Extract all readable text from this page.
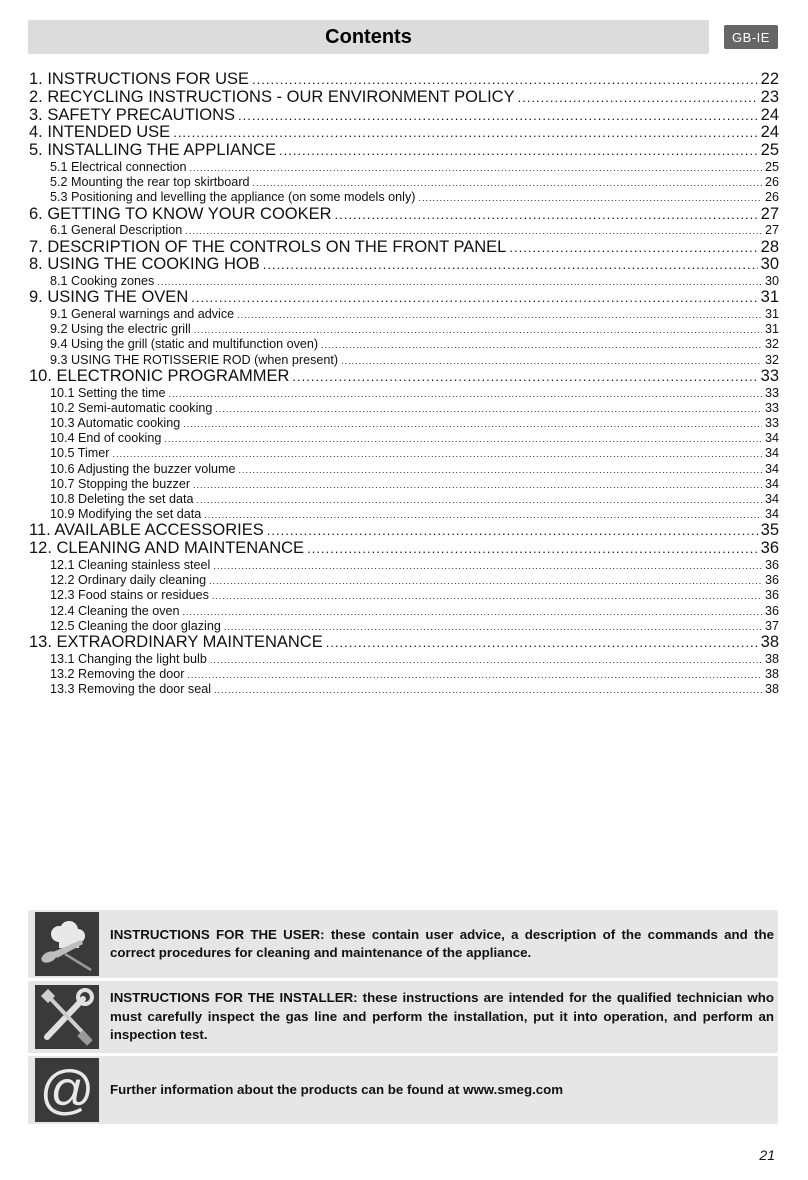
Contents	GB-IE
1. INSTRUCTIONS FOR USE .....	22
2. RECYCLING INSTRUCTIONS - OUR ENVIRONMENT POLICY .....	23
3. SAFETY PRECAUTIONS .....	24
4. INTENDED USE .....	24
5. INSTALLING THE APPLIANCE .....	25
5.1 Electrical connection .....	25
5.2 Mounting the rear top skirtboard .....	26
5.3 Positioning and levelling the appliance (on some models only) .....	26
6. GETTING TO KNOW YOUR COOKER .....	27
6.1 General Description .....	27
7. DESCRIPTION OF THE CONTROLS ON THE FRONT PANEL .....	28
8. USING THE COOKING HOB .....	30
8.1 Cooking zones .....	30
9. USING THE OVEN .....	31
9.1 General warnings and advice .....	31
9.2 Using the electric grill .....	31
9.4 Using the grill (static and multifunction oven) .....	32
9.3 USING THE ROTISSERIE ROD (when present) .....	32
10. ELECTRONIC PROGRAMMER .....	33
10.1 Setting the time .....	33
10.2 Semi-automatic cooking .....	33
10.3 Automatic cooking .....	33
10.4 End of cooking .....	34
10.5 Timer .....	34
10.6 Adjusting the buzzer volume .....	34
10.7 Stopping the buzzer .....	34
10.8 Deleting the set data .....	34
10.9 Modifying the set data .....	34
11. AVAILABLE ACCESSORIES .....	35
12. CLEANING AND MAINTENANCE .....	36
12.1 Cleaning stainless steel .....	36
12.2 Ordinary daily cleaning .....	36
12.3 Food stains or residues .....	36
12.4 Cleaning the oven .....	36
12.5 Cleaning the door glazing .....	37
13. EXTRAORDINARY MAINTENANCE .....	38
13.1 Changing the light bulb .....	38
13.2 Removing the door .....	38
13.3 Removing the door seal .....	38
INSTRUCTIONS FOR THE USER: these contain user advice, a description of the commands and the correct procedures for cleaning and maintenance of the appliance.
INSTRUCTIONS FOR THE INSTALLER: these instructions are intended for the qualified technician who must carefully inspect the gas line and perform the installation, put it into operation, and perform an inspection test.
@ Further information about the products can be found at www.smeg.com
21
